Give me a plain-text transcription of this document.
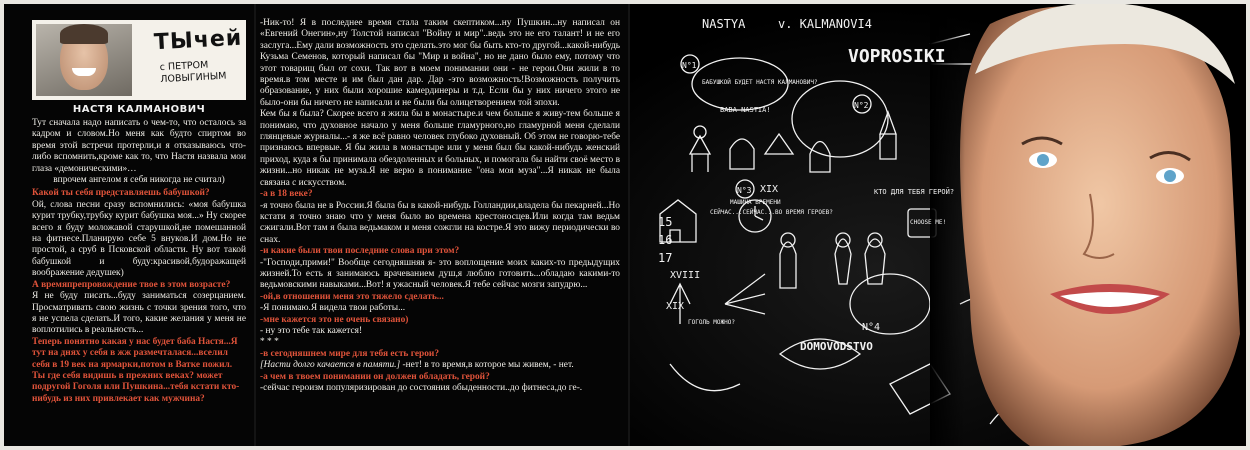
ТЫчей
с ПЕТРОМ ЛОВЫГИНЫМ
НАСТЯ КАЛМАНОВИЧ

Тут сначала надо написать о чем-то, что осталось за кадром и словом.Но меня как будто спиртом во время этой встречи протерли,и я отказываюсь что-либо вспомнить,кроме как то, что Настя назвала мои глаза «демоническими»…

впрочем ангелом я себя никогда не считал)

Какой ты себя представляешь бабушкой?

Ой, слова песни сразу вспомнились: «моя бабушка курит трубку,трубку курит бабушка моя...» Ну скорее всего я буду моложавой старушкой,не помешанной на фитнесе.Планирую себе 5 внуков.И дом.Но не простой, а сруб в Псковской области. Ну вот такой бабушкой и буду:красивой,будоражащей воображение дедушек)

А времяпрепровождение твое в этом возрасте?

Я не буду писать...буду заниматься созерцанием. Просматривать свою жизнь с точки зрения того, что я не успела сделать.И того, какие желания у меня не воплотились в реальность...

Теперь понятно какая у нас будет баба Настя...Я тут на днях у себя в жж размечталася...вселил себя в 19 век на ярмарки,потом в Ватке пожил. Ты где себя видишь в прежних веках? может подругой Гоголя или Пушкина...тебя кстати кто-нибудь из них привлекает как мужчина?

-Ник-то! Я в последнее время стала таким скептиком...ну Пушкин...ну написал он «Евгений Онегин»,ну Толстой написал "Войну и мир"..ведь это не его талант! и не его заслуга...Ему дали возможность это сделать.это мог бы быть кто-то другой...какой-нибудь Кузьма Семенов, который написал бы "Мир и война", но не дано было ему, потому что этот товарищ был от сохи. Так вот в моем понимании они - не герои.Они жили в то время.в том месте и им был дан дар. Дар -это возможность!Возможность получить образование, у них были хорошие камердинеры и т.д. Если бы у них ничего этого не было-они бы ничего не написали и не были бы олицетворением той эпохи.

Кем бы я была? Скорее всего я жила бы в монастыре.и чем больше я живу-тем больше я понимаю, что духовное начало у меня больше гламурного,но гламурной меня сделали глянцевые журналы...- я же всё равно человек глубоко духовный. Об этом не говорю-тебе признаюсь впервые. Я бы жила в монастыре или у меня был бы какой-нибудь женский приход, куда я бы принимала обездоленных и больных, и помогала бы найти своё место в жизни...но никак не муза.Я не верю в понимание "она моя муза"...Я никак не была связана с искусством.

-а в 18 веке?

-я точно была не в России.Я была бы в какой-нибудь Голландии,владела бы пекарней...Но кстати я точно знаю что у меня было во времена крестоносцев.Или когда там ведьм сжигали.Вот там я была ведьмаком и меня сожгли на костре.Я это вижу периодически во снах.

-и какие были твои последние слова при этом?

-"Господи,прими!" Вообще сегодняшняя я- это воплощение моих каких-то предыдущих жизней.То есть я занимаюсь врачеванием душ,я люблю готовить...обладаю какими-то ведьмовскими навыками...Вот! я ужасный человек.Я тебе сейчас мозги запудрю...

-ой,в отношении меня это тяжело сделать...

-Я понимаю.Я видела твои работы...

-мне кажется это не очень связано)

- ну это тебе так кажется!

* * *

-в сегодняшнем мире для тебя есть герои?

[Насти долго качается в памяти.] -нет! в то время,в которое мы живем, - нет.

-а чем в твоем понимании он должен обладать, герой?

-сейчас героизм популяризирован до состояния обыденности..до фитнеса,до ге-.

NASTYA	v. KALMANOVI4
VOPROSIKI
N°1
БАБУШКОЙ БУДЕТ НАСТЯ КАЛМАНОВИЧ?
BABA NASTIA!	N°2
N°3
МАШИНА ВРЕМЕНИ
СЕЙЧАС...СЕЙЧАС...ВО ВРЕМЯ ГЕРОЕВ?
КТО ДЛЯ ТЕБЯ ГЕРОЙ?
CHOOSE ME!
XIX
15
16
17
XVIII
N°4
DOMOVODSTVO
XIX
ГОГОЛЬ МОЖНО?
